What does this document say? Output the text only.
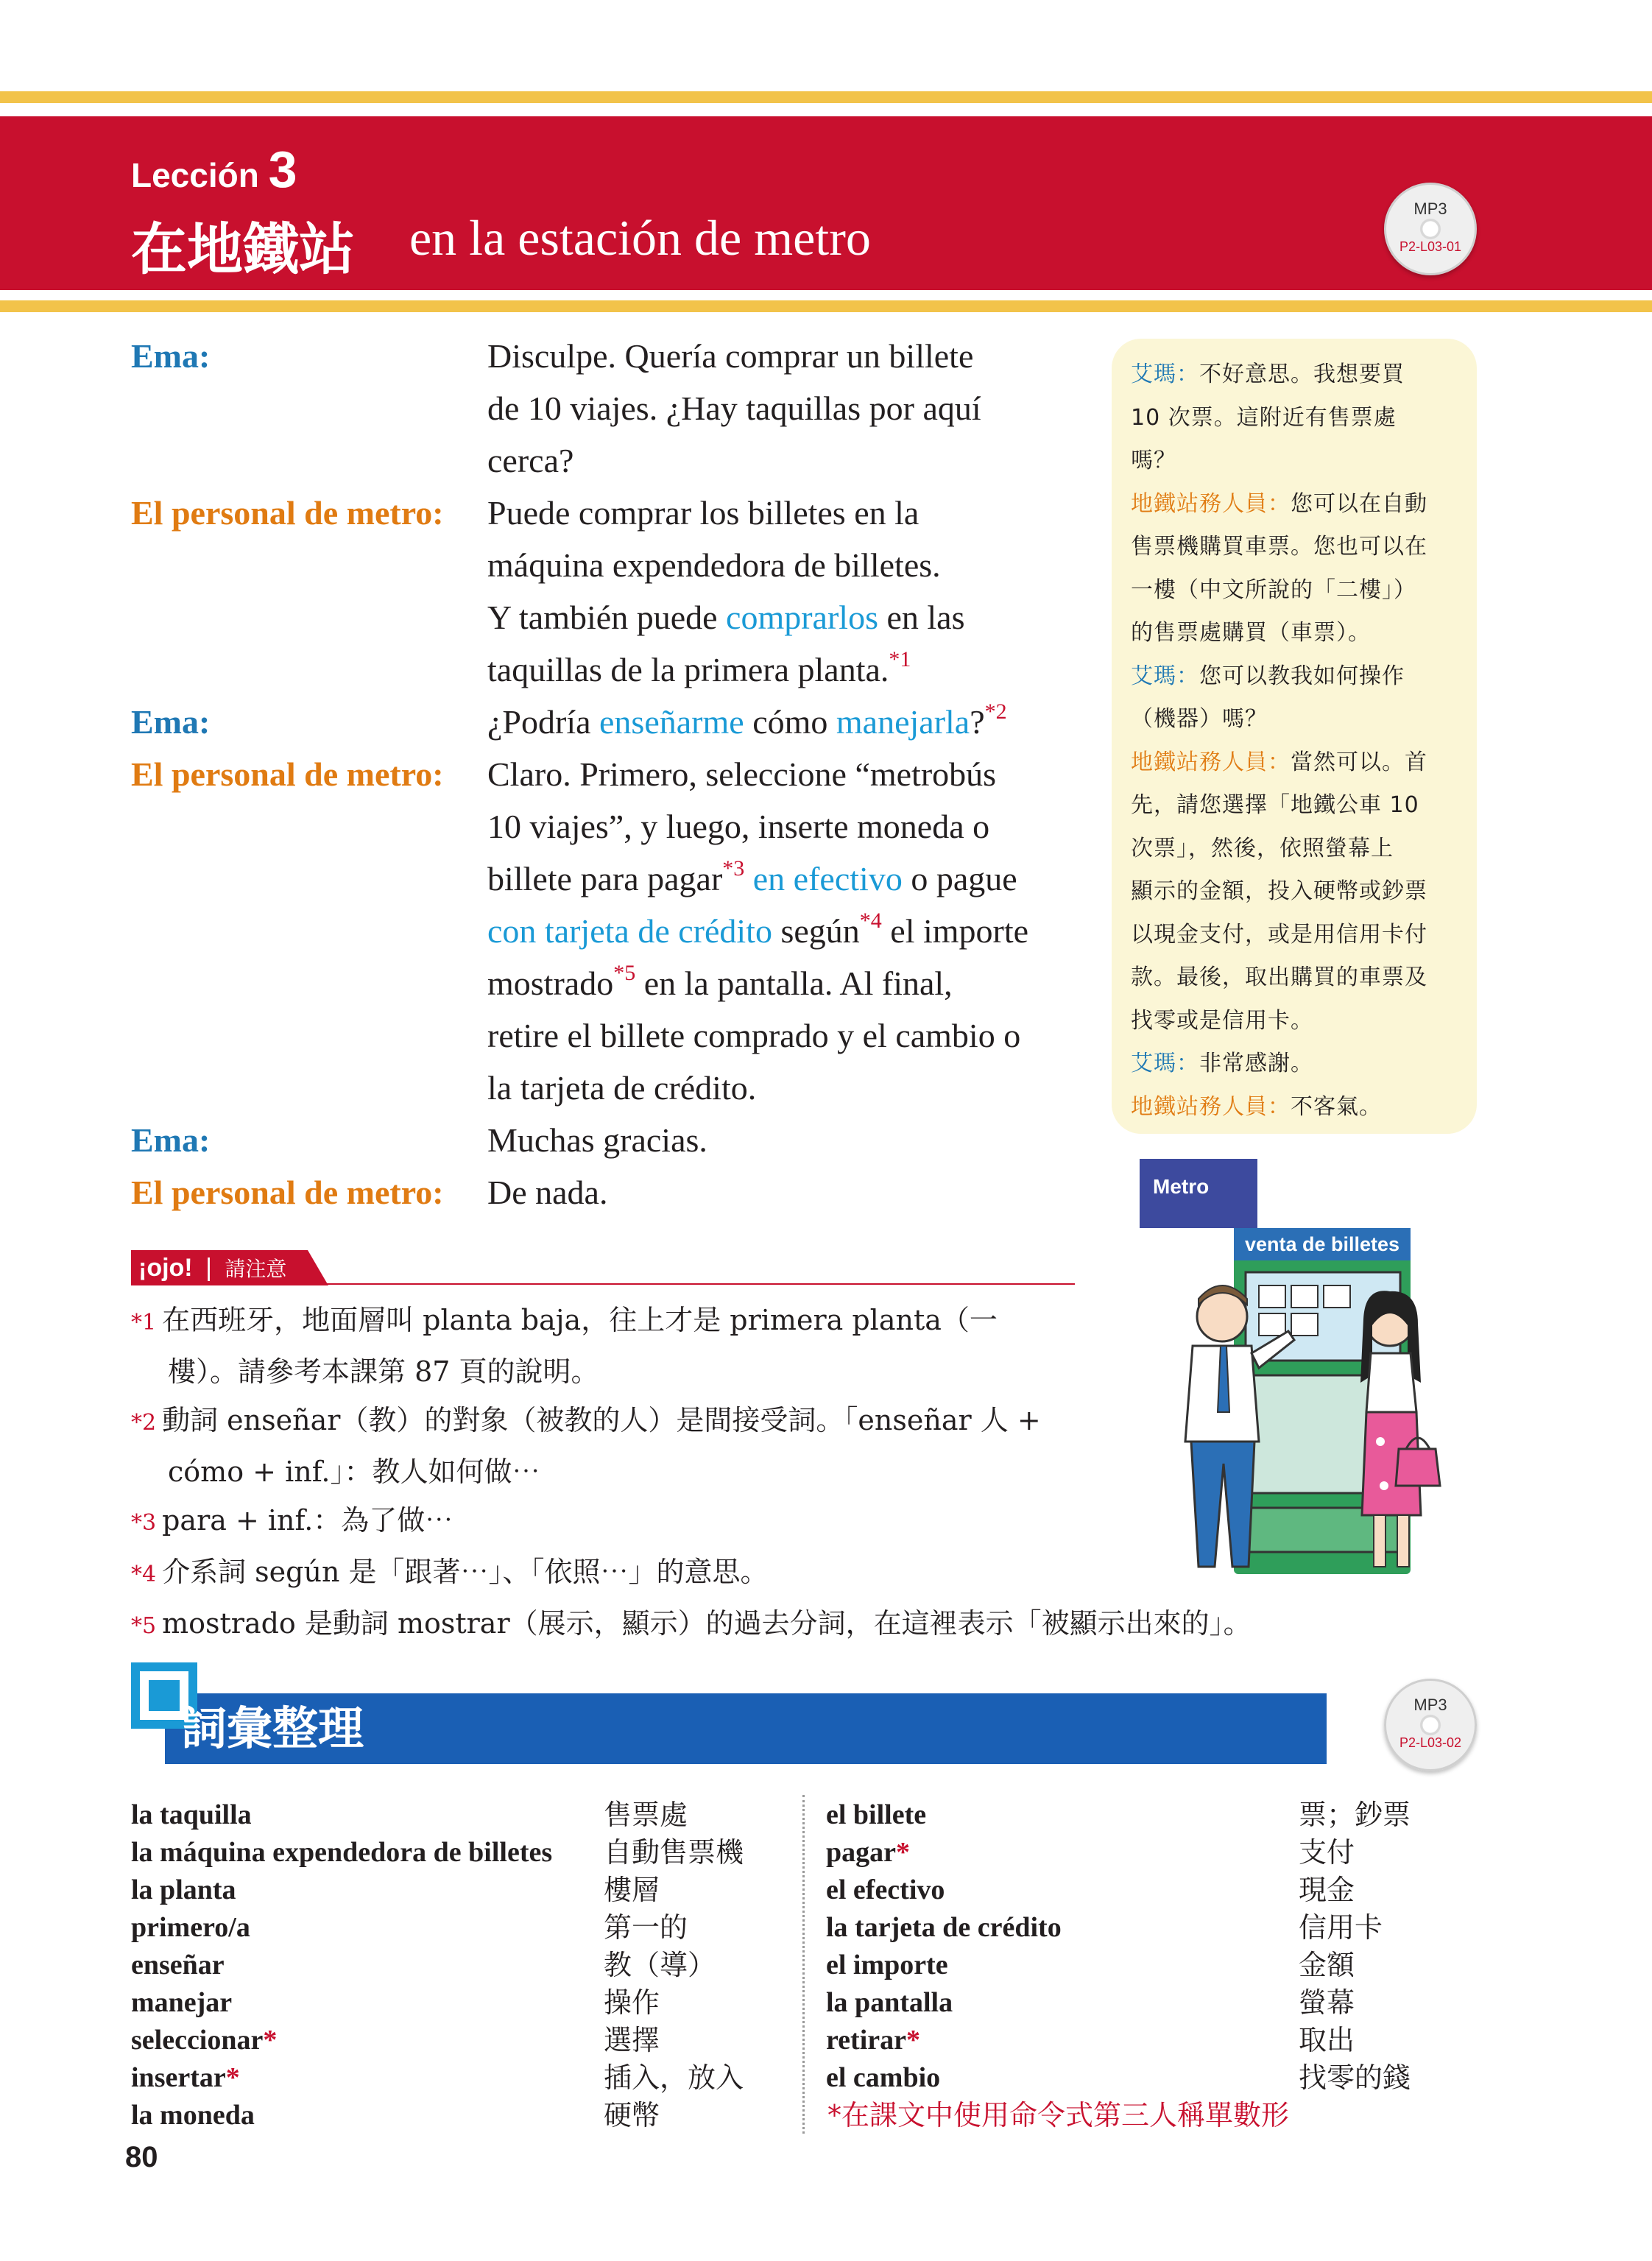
Lección 3
在地鐵站 en la estación de metro
MP3
P2-L03-01
Ema:	Disculpe. Quería comprar un billete
de 10 viajes. ¿Hay taquillas por aquí
cerca?
El personal de metro:	Puede comprar los billetes en la
máquina expendedora de billetes.
Y también puede comprarlos en las
taquillas de la primera planta.$^{*1}$
Ema:	¿Podría enseñarme cómo manejarla?$^{*2}$
El personal de metro:	Claro. Primero, seleccione “metrobús
10 viajes”, y luego, inserte moneda o
billete para pagar$^{*3}$ en efectivo o pague
con tarjeta de crédito según$^{*4}$ el importe
mostrado$^{*5}$ en la pantalla. Al final,
retire el billete comprado y el cambio o
la tarjeta de crédito.
Ema:	Muchas gracias.
El personal de metro:	De nada.
艾瑪：不好意思。我想要買
10 次票。這附近有售票處
嗎？
地鐵站務人員：您可以在自動
售票機購買車票。您也可以在
一樓（中文所說的「二樓」）
的售票處購買（車票）。
艾瑪：您可以教我如何操作
（機器）嗎？
地鐵站務人員：當然可以。首
先，請您選擇「地鐵公車 10
次票」，然後，依照螢幕上
顯示的金額，投入硬幣或鈔票
以現金支付，或是用信用卡付
款。最後，取出購買的車票及
找零或是信用卡。
艾瑪：非常感謝。
地鐵站務人員：不客氣。
Metro
venta de billetes
¡ojo! | 請注意
*1 在西班牙，地面層叫 planta baja，往上才是 primera planta（一
樓）。請參考本課第 87 頁的說明。
*2 動詞 enseñar（教）的對象（被教的人）是間接受詞。「enseñar 人 +
cómo + inf.」：教人如何做⋯
*3 para + inf.：為了做⋯
*4 介系詞 según 是「跟著⋯」、「依照⋯」的意思。
*5 mostrado 是動詞 mostrar（展示，顯示）的過去分詞，在這裡表示「被顯示出來的」。
詞彙整理	MP3
P2-L03-02
la taquilla	售票處
la máquina expendedora de billetes 自動售票機
la planta	樓層
primero/a	第一的
enseñar	教（導）
manejar	操作
seleccionar*	選擇
insertar*	插入，放入
la moneda	硬幣
el billete	票；鈔票
pagar*	支付
el efectivo	現金
la tarjeta de crédito	信用卡
el importe	金額
la pantalla	螢幕
retirar*	取出
el cambio	找零的錢
*在課文中使用命令式第三人稱單數形
80
